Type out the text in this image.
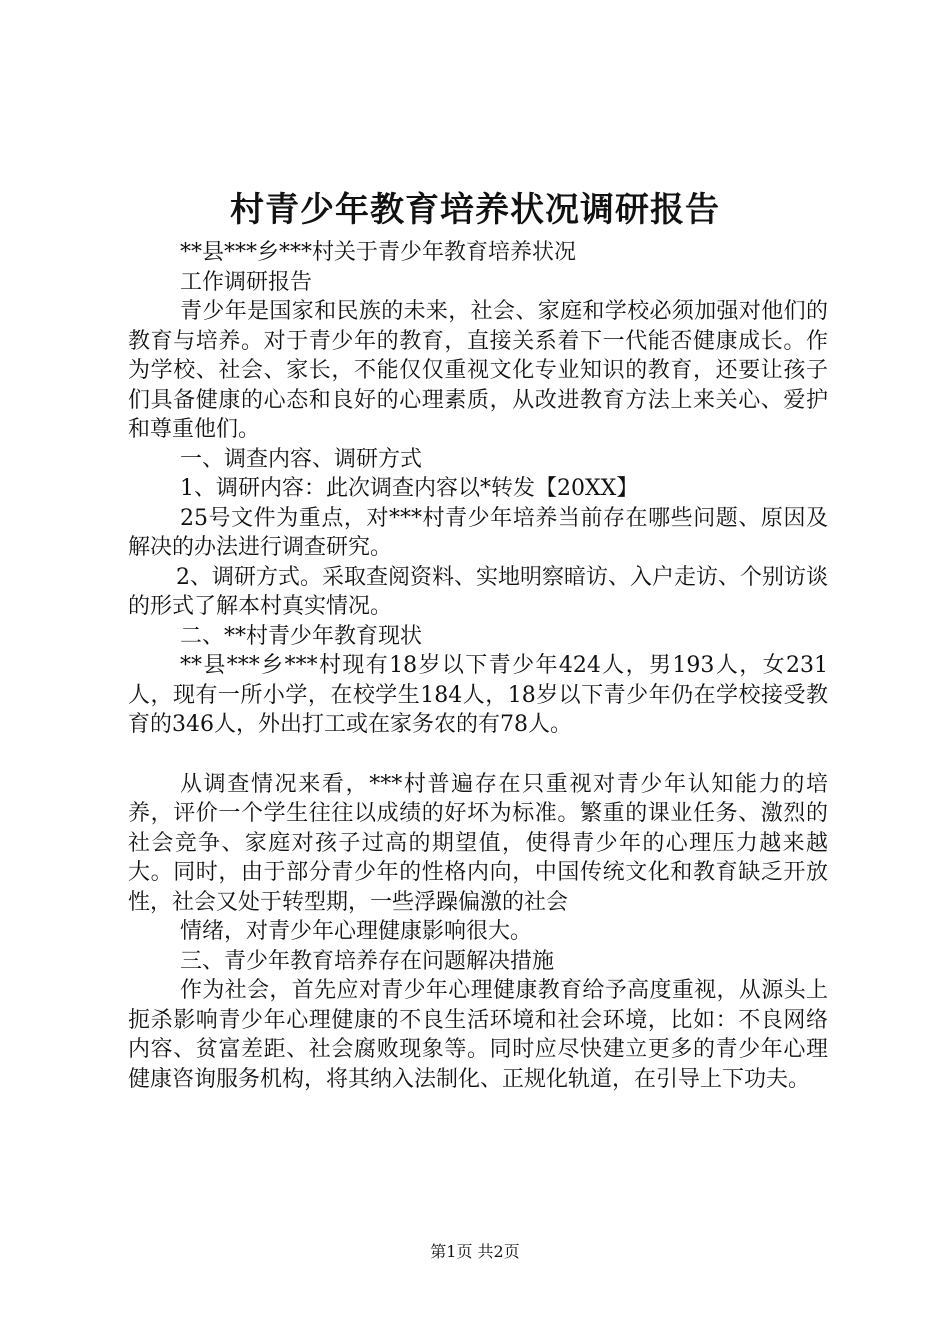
村青少年教育培养状况调研报告

**县***乡***村关于青少年教育培养状况

工作调研报告

青少年是国家和民族的未来，社会、家庭和学校必须加强对他们的教育与培养。对于青少年的教育，直接关系着下一代能否健康成长。作为学校、社会、家长，不能仅仅重视文化专业知识的教育，还要让孩子们具备健康的心态和良好的心理素质，从改进教育方法上来关心、爱护和尊重他们。

一、调查内容、调研方式

1、调研内容：此次调查内容以*转发【20XX】

25号文件为重点，对***村青少年培养当前存在哪些问题、原因及解决的办法进行调查研究。

2、调研方式。采取查阅资料、实地明察暗访、入户走访、个别访谈的形式了解本村真实情况。

二、**村青少年教育现状

**县***乡***村现有18岁以下青少年424人，男193人，女231人，现有一所小学，在校学生184人，18岁以下青少年仍在学校接受教育的346人，外出打工或在家务农的有78人。

从调查情况来看，***村普遍存在只重视对青少年认知能力的培养，评价一个学生往往以成绩的好坏为标准。繁重的课业任务、激烈的社会竞争、家庭对孩子过高的期望值，使得青少年的心理压力越来越大。同时，由于部分青少年的性格内向，中国传统文化和教育缺乏开放性，社会又处于转型期，一些浮躁偏激的社会

情绪，对青少年心理健康影响很大。

三、青少年教育培养存在问题解决措施

作为社会，首先应对青少年心理健康教育给予高度重视，从源头上扼杀影响青少年心理健康的不良生活环境和社会环境，比如：不良网络内容、贫富差距、社会腐败现象等。同时应尽快建立更多的青少年心理健康咨询服务机构，将其纳入法制化、正规化轨道，在引导上下功夫。

第1页 共2页
